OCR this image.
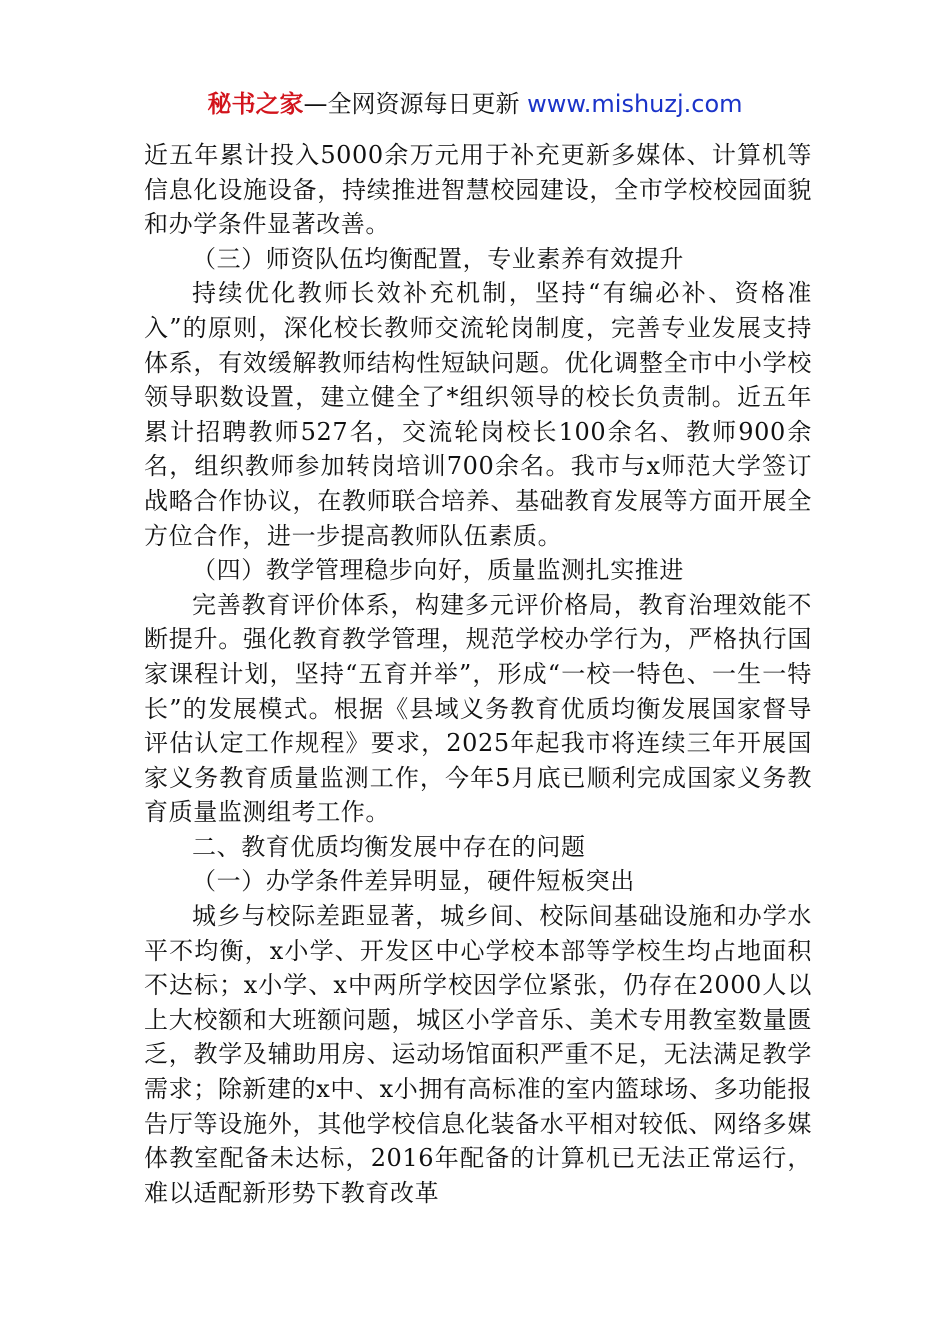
秘书之家—全网资源每日更新 www.mishuzj.com

近五年累计投入5000余万元用于补充更新多媒体、计算机等信息化设施设备，持续推进智慧校园建设，全市学校校园面貌和办学条件显著改善。

（三）师资队伍均衡配置，专业素养有效提升

持续优化教师长效补充机制，坚持“有编必补、资格准入”的原则，深化校长教师交流轮岗制度，完善专业发展支持体系，有效缓解教师结构性短缺问题。优化调整全市中小学校领导职数设置，建立健全了*组织领导的校长负责制。近五年累计招聘教师527名，交流轮岗校长100余名、教师900余名，组织教师参加转岗培训700余名。我市与x师范大学签订战略合作协议，在教师联合培养、基础教育发展等方面开展全方位合作，进一步提高教师队伍素质。

（四）教学管理稳步向好，质量监测扎实推进

完善教育评价体系，构建多元评价格局，教育治理效能不断提升。强化教育教学管理，规范学校办学行为，严格执行国家课程计划，坚持“五育并举”，形成“一校一特色、一生一特长”的发展模式。根据《县域义务教育优质均衡发展国家督导评估认定工作规程》要求，2025年起我市将连续三年开展国家义务教育质量监测工作，今年5月底已顺利完成国家义务教育质量监测组考工作。

二、教育优质均衡发展中存在的问题

（一）办学条件差异明显，硬件短板突出

城乡与校际差距显著，城乡间、校际间基础设施和办学水平不均衡，x小学、开发区中心学校本部等学校生均占地面积不达标；x小学、x中两所学校因学位紧张，仍存在2000人以上大校额和大班额问题，城区小学音乐、美术专用教室数量匮乏，教学及辅助用房、运动场馆面积严重不足，无法满足教学需求；除新建的x中、x小拥有高标准的室内篮球场、多功能报告厅等设施外，其他学校信息化装备水平相对较低、网络多媒体教室配备未达标，2016年配备的计算机已无法正常运行，难以适配新形势下教育改革
